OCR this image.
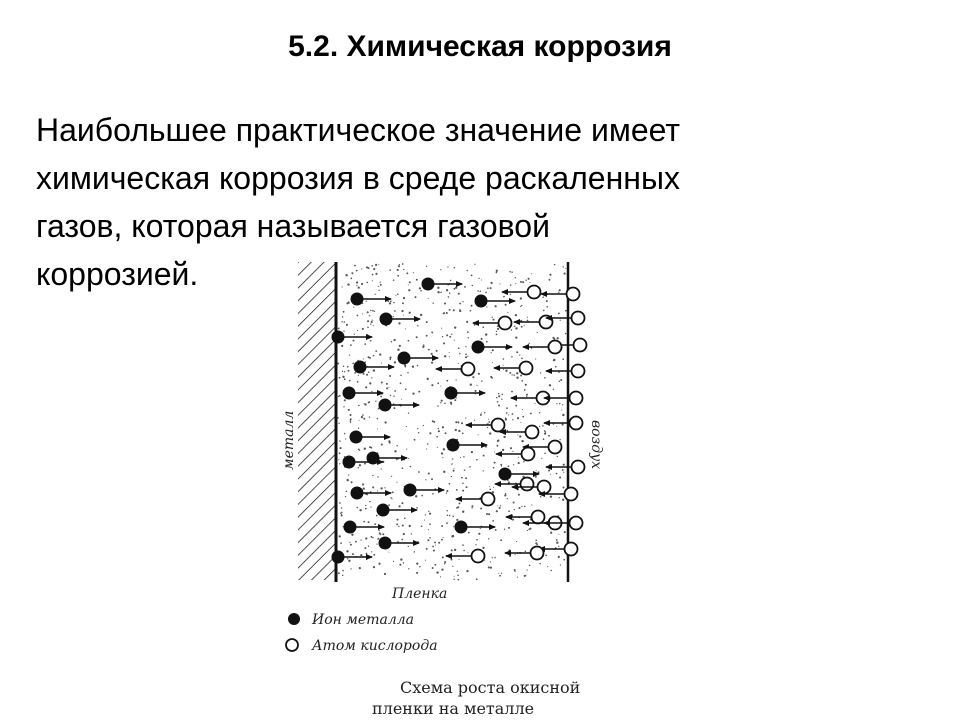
5.2. Химическая коррозия

Наибольшее практическое значение имеет
химическая коррозия в среде раскаленных
газов, которая называется газовой
коррозией.

металл	воздух
Пленка
Ион металла
Атом кислорода
Схема роста окисной
пленки на металле
